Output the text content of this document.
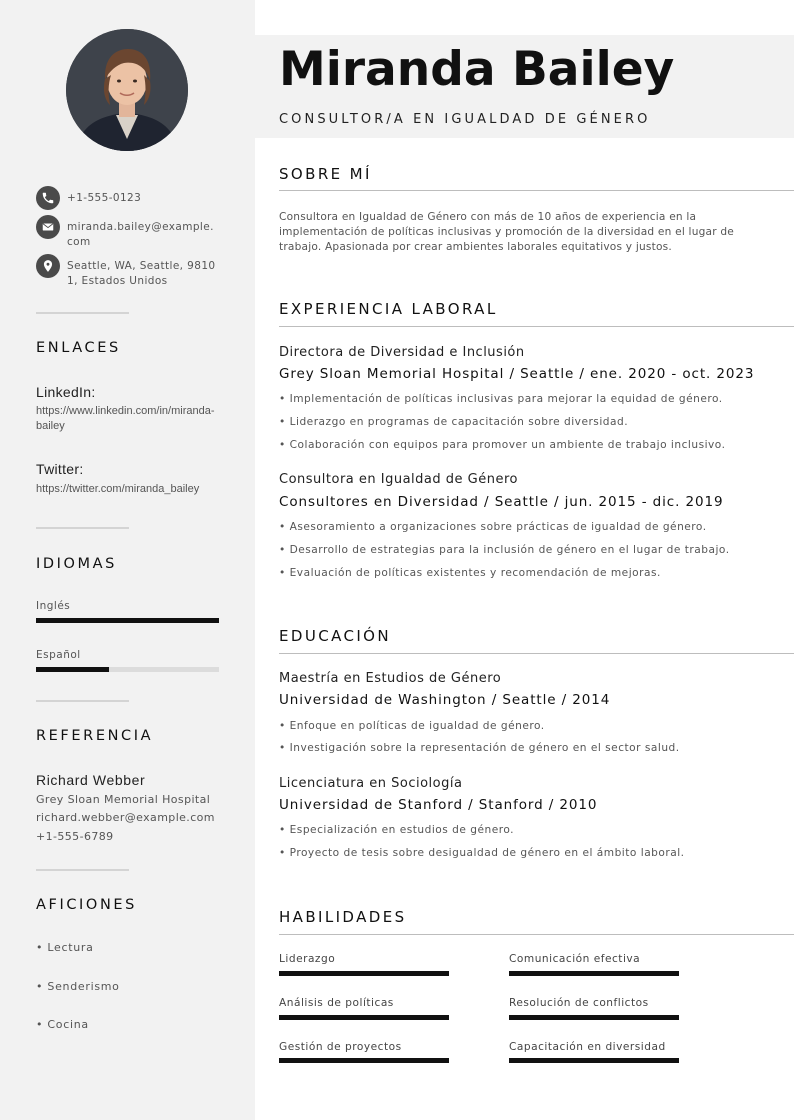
+1-555-0123
miranda.bailey@example.com
Seattle, WA, Seattle, 98101, Estados Unidos
ENLACES
LinkedIn:
https://www.linkedin.com/in/miranda-bailey
Twitter:
https://twitter.com/miranda_bailey
IDIOMAS
Inglés
Español
REFERENCIA
Richard Webber
Grey Sloan Memorial Hospital
richard.webber@example.com
+1-555-6789
AFICIONES
• Lectura
• Senderismo
• Cocina
Miranda Bailey
CONSULTOR/A EN IGUALDAD DE GÉNERO
SOBRE MÍ

Consultora en Igualdad de Género con más de 10 años de experiencia en la implementación de políticas inclusivas y promoción de la diversidad en el lugar de trabajo. Apasionada por crear ambientes laborales equitativos y justos.

EXPERIENCIA LABORAL
Directora de Diversidad e Inclusión
Grey Sloan Memorial Hospital / Seattle / ene. 2020 - oct. 2023
• Implementación de políticas inclusivas para mejorar la equidad de género.
• Liderazgo en programas de capacitación sobre diversidad.
• Colaboración con equipos para promover un ambiente de trabajo inclusivo.
Consultora en Igualdad de Género
Consultores en Diversidad / Seattle / jun. 2015 - dic. 2019
• Asesoramiento a organizaciones sobre prácticas de igualdad de género.
• Desarrollo de estrategias para la inclusión de género en el lugar de trabajo.
• Evaluación de políticas existentes y recomendación de mejoras.
EDUCACIÓN
Maestría en Estudios de Género
Universidad de Washington / Seattle / 2014
• Enfoque en políticas de igualdad de género.
• Investigación sobre la representación de género en el sector salud.
Licenciatura en Sociología
Universidad de Stanford / Stanford / 2010
• Especialización en estudios de género.
• Proyecto de tesis sobre desigualdad de género en el ámbito laboral.
HABILIDADES
Liderazgo	Comunicación efectiva
Análisis de políticas	Resolución de conflictos
Gestión de proyectos	Capacitación en diversidad
